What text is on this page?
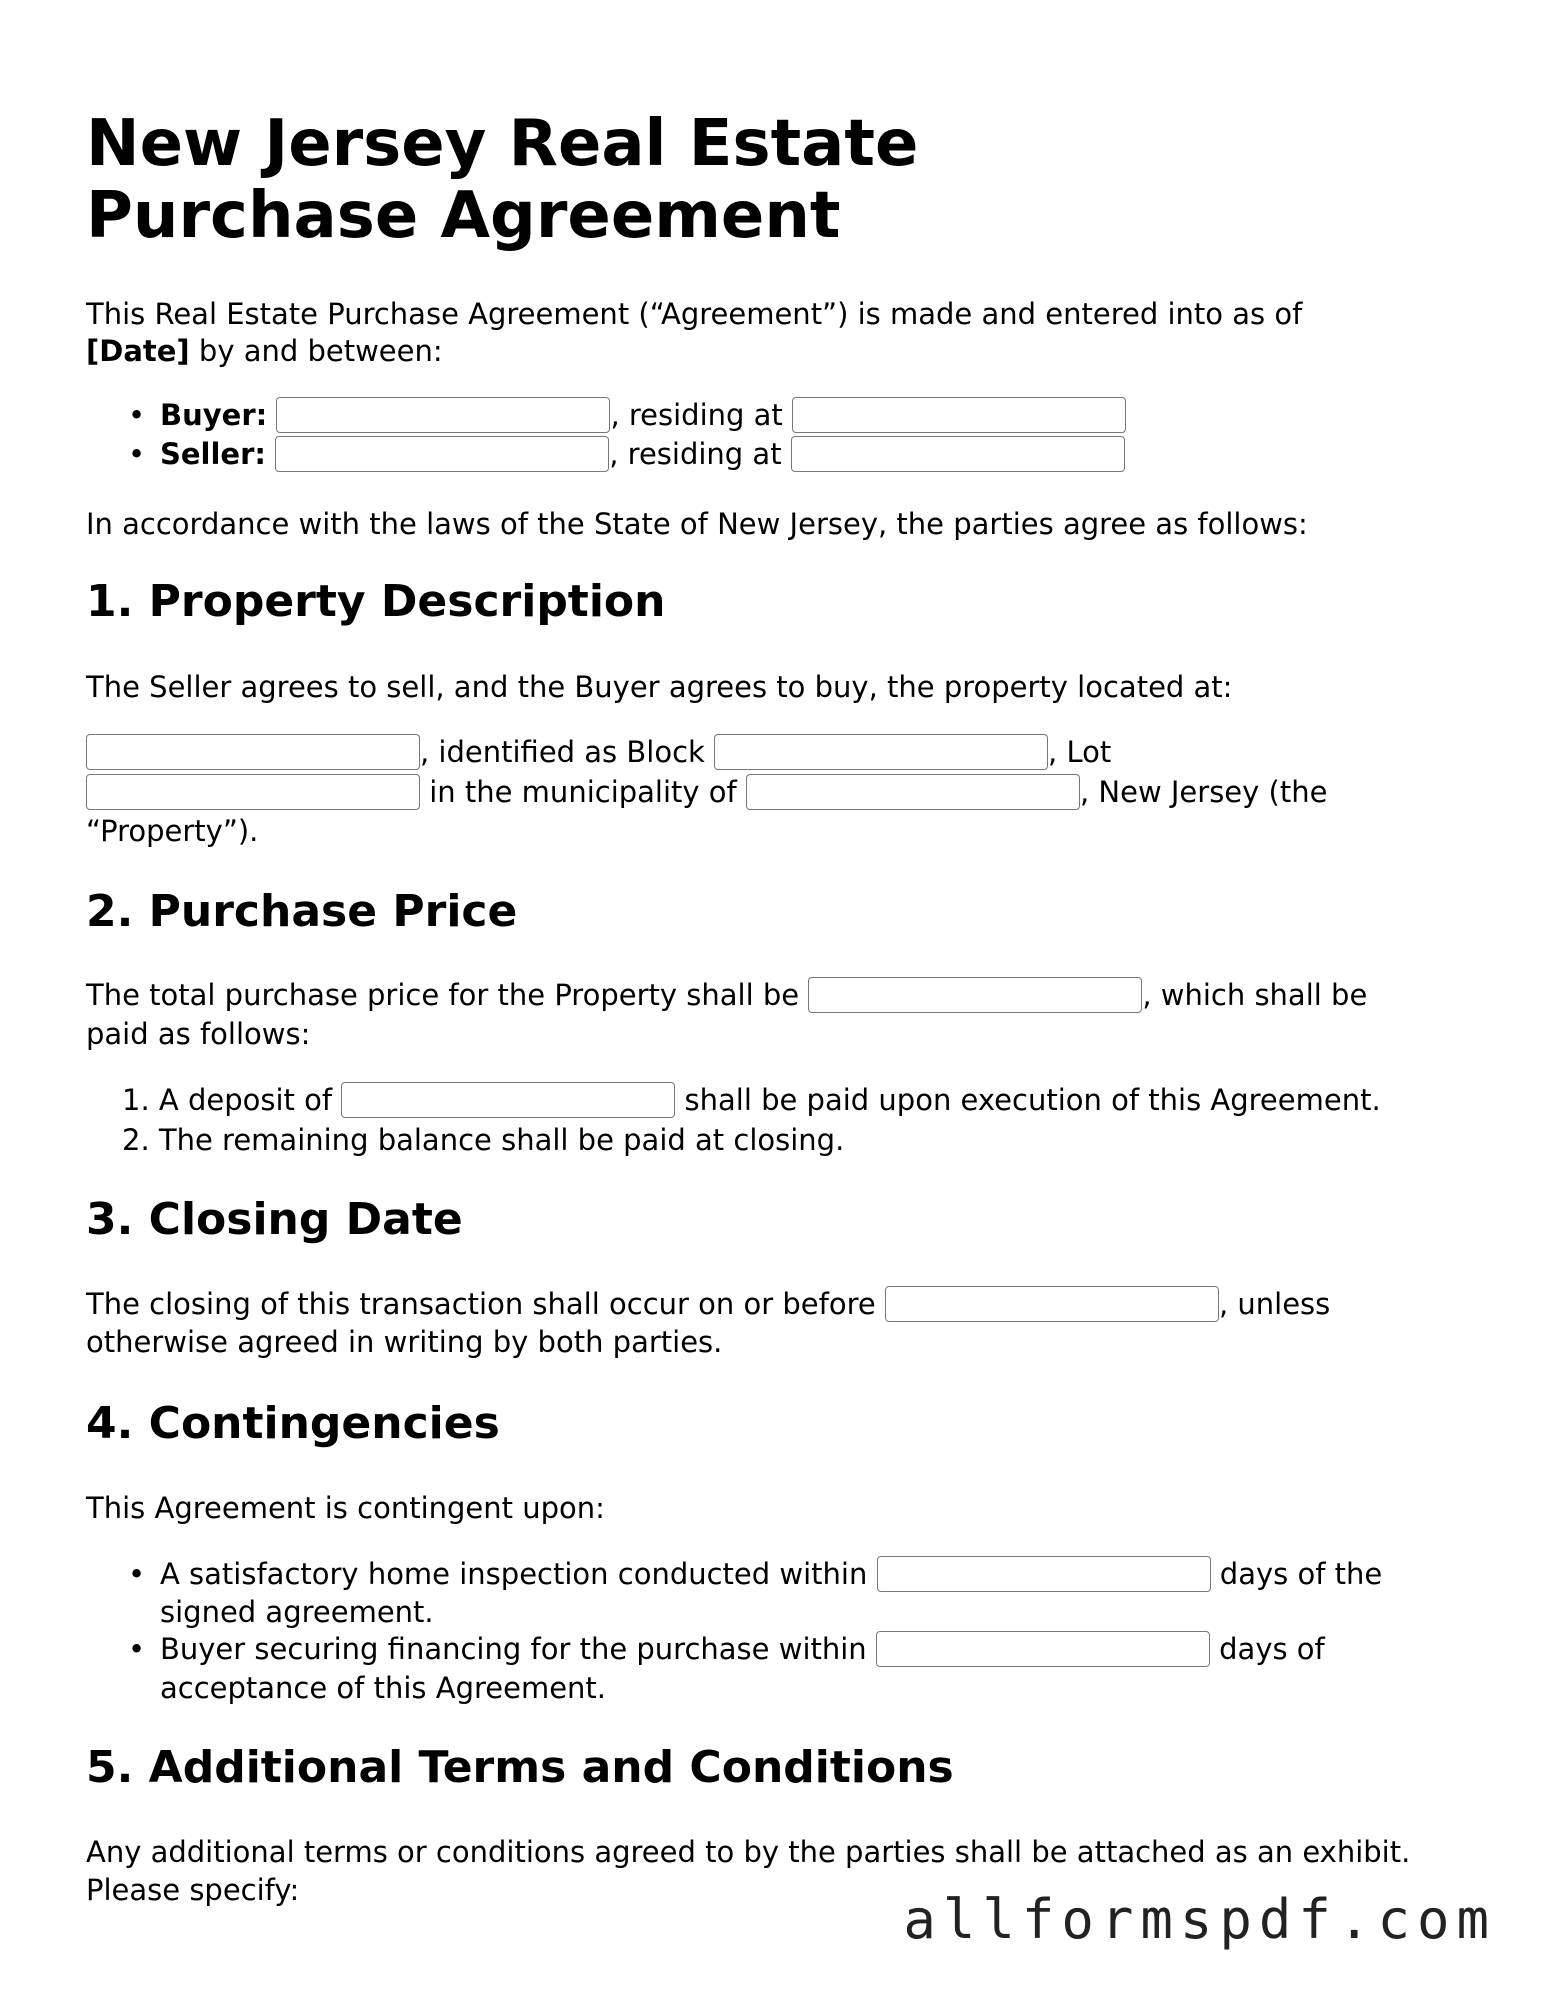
New Jersey Real Estate Purchase Agreement
This Real Estate Purchase Agreement (“Agreement”) is made and entered into as of
[Date] by and between:
• Buyer:	, residing at
• Seller:	, residing at
In accordance with the laws of the State of New Jersey, the parties agree as follows:
1. Property Description
The Seller agrees to sell, and the Buyer agrees to buy, the property located at:
, identified as Block	, Lot
in the municipality of	, New Jersey (the
“Property”).
2. Purchase Price
The total purchase price for the Property shall be	, which shall be
paid as follows:
1. A deposit of	shall be paid upon execution of this Agreement.
2. The remaining balance shall be paid at closing.
3. Closing Date
The closing of this transaction shall occur on or before	, unless
otherwise agreed in writing by both parties.
4. Contingencies
This Agreement is contingent upon:
• A satisfactory home inspection conducted within	days of the
signed agreement.
• Buyer securing financing for the purchase within	days of
acceptance of this Agreement.
5. Additional Terms and Conditions
Any additional terms or conditions agreed to by the parties shall be attached as an exhibit.
Please specify:	allformspdf.com
